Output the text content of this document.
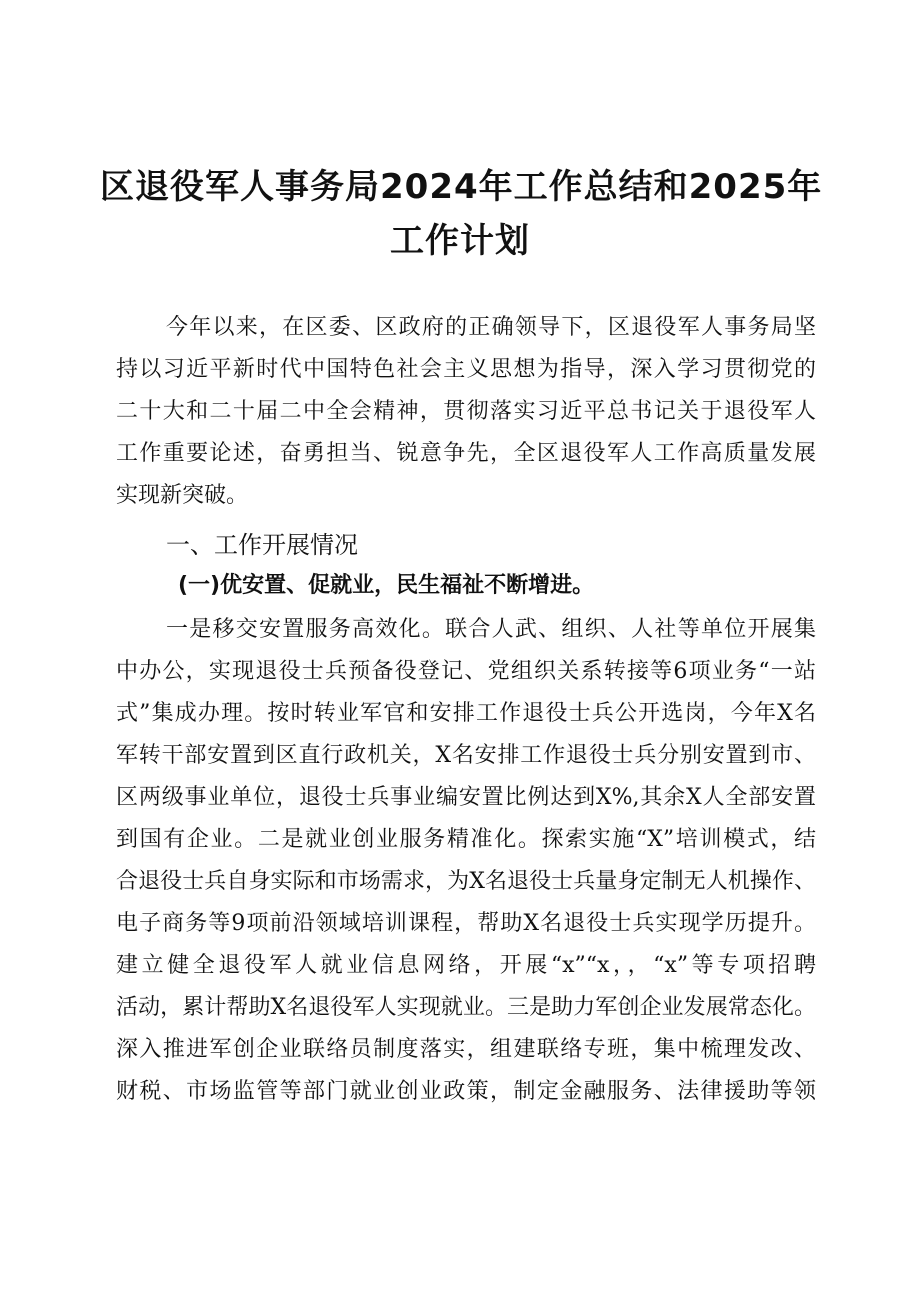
区退役军人事务局2024年工作总结和2025年
工作计划
今年以来，在区委、区政府的正确领导下，区退役军人事务局坚
持以习近平新时代中国特色社会主义思想为指导，深入学习贯彻党的
二十大和二十届二中全会精神，贯彻落实习近平总书记关于退役军人
工作重要论述，奋勇担当、锐意争先，全区退役军人工作高质量发展
实现新突破。
一、工作开展情况
(一)优安置、促就业，民生福祉不断增进。
一是移交安置服务高效化。联合人武、组织、人社等单位开展集
中办公，实现退役士兵预备役登记、党组织关系转接等6项业务“一站
式”集成办理。按时转业军官和安排工作退役士兵公开选岗，今年X名
军转干部安置到区直行政机关，X名安排工作退役士兵分别安置到市、
区两级事业单位，退役士兵事业编安置比例达到X%,其余X人全部安置
到国有企业。二是就业创业服务精准化。探索实施“X”培训模式，结
合退役士兵自身实际和市场需求，为X名退役士兵量身定制无人机操作、
电子商务等9项前沿领域培训课程，帮助X名退役士兵实现学历提升。
建立健全退役军人就业信息网络，开展“x”“x，，“x”等专项招聘
活动，累计帮助X名退役军人实现就业。三是助力军创企业发展常态化。
深入推进军创企业联络员制度落实，组建联络专班，集中梳理发改、
财税、市场监管等部门就业创业政策，制定金融服务、法律援助等领
